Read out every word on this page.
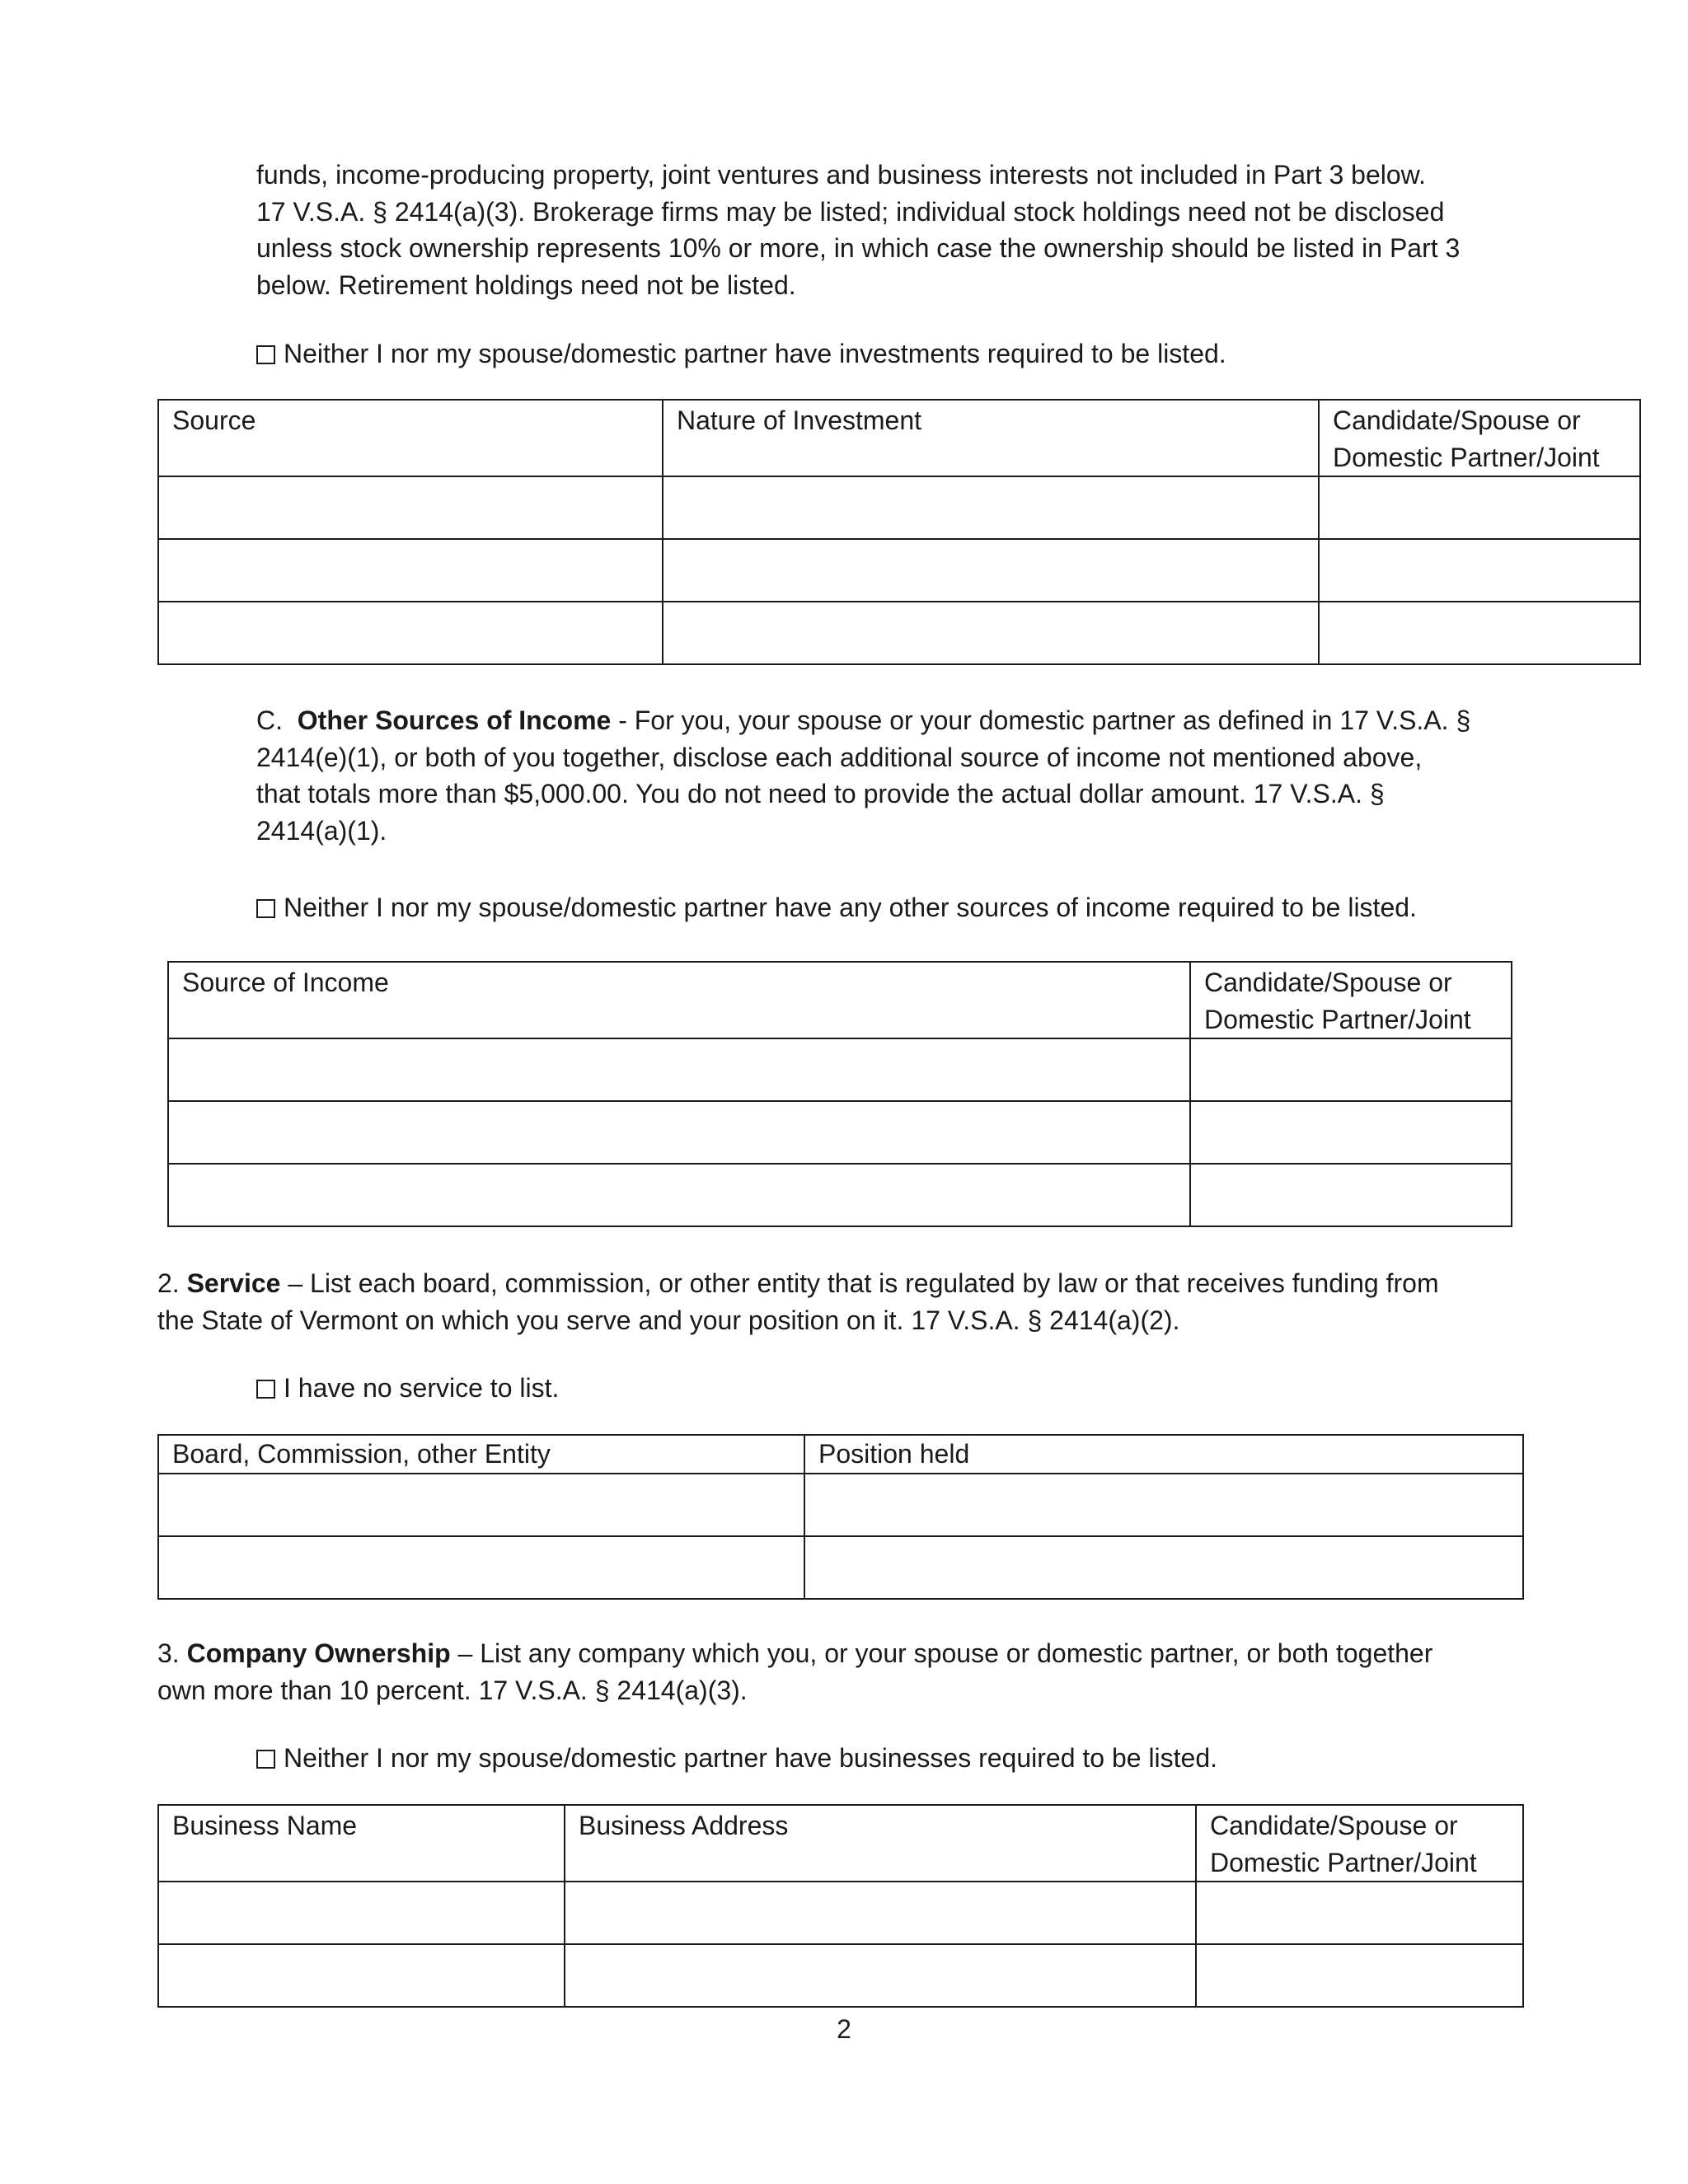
funds, income-producing property, joint ventures and business interests not included in Part 3 below.
17 V.S.A. § 2414(a)(3). Brokerage firms may be listed; individual stock holdings need not be disclosed
unless stock ownership represents 10% or more, in which case the ownership should be listed in Part 3
below. Retirement holdings need not be listed.
Neither I nor my spouse/domestic partner have investments required to be listed.
Source	Nature of Investment	Candidate/Spouse or Domestic Partner/Joint

C.  Other Sources of Income - For you, your spouse or your domestic partner as defined in 17 V.S.A. §
2414(e)(1), or both of you together, disclose each additional source of income not mentioned above,
that totals more than $5,000.00. You do not need to provide the actual dollar amount. 17 V.S.A. §
2414(a)(1).
Neither I nor my spouse/domestic partner have any other sources of income required to be listed.
Source of Income	Candidate/Spouse or Domestic Partner/Joint

2. Service – List each board, commission, or other entity that is regulated by law or that receives funding from
the State of Vermont on which you serve and your position on it. 17 V.S.A. § 2414(a)(2).
I have no service to list.
Board, Commission, other Entity	Position held

3. Company Ownership – List any company which you, or your spouse or domestic partner, or both together
own more than 10 percent. 17 V.S.A. § 2414(a)(3).
Neither I nor my spouse/domestic partner have businesses required to be listed.
Business Name	Business Address	Candidate/Spouse or Domestic Partner/Joint

2
